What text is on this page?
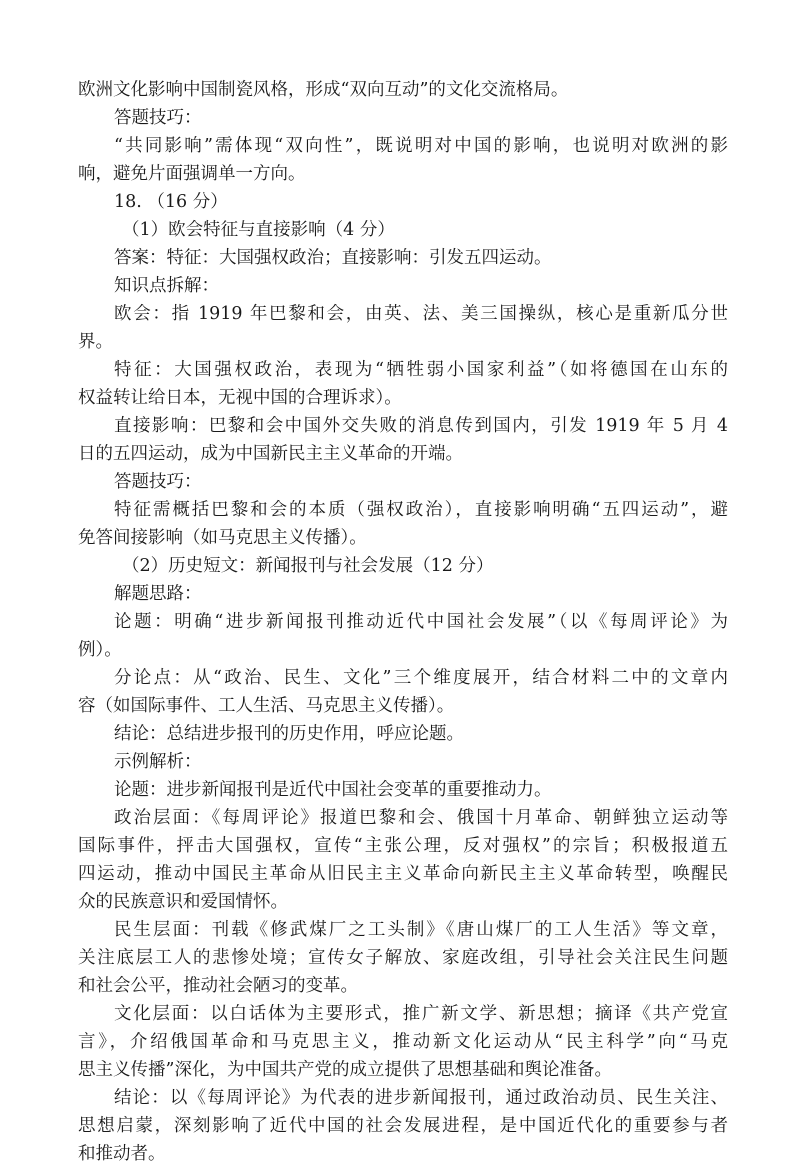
欧洲文化影响中国制瓷风格，形成“双向互动”的文化交流格局。
答题技巧：
“共同影响”需体现“双向性”，既说明对中国的影响，也说明对欧洲的影
响，避免片面强调单一方向。
18. （16 分）
（1）欧会特征与直接影响（4 分）
答案：特征：大国强权政治；直接影响：引发五四运动。
知识点拆解：
欧会：指 1919 年巴黎和会，由英、法、美三国操纵，核心是重新瓜分世
界。
特征：大国强权政治，表现为“牺牲弱小国家利益”（如将德国在山东的
权益转让给日本，无视中国的合理诉求）。
直接影响：巴黎和会中国外交失败的消息传到国内，引发 1919 年 5 月 4
日的五四运动，成为中国新民主主义革命的开端。
答题技巧：
特征需概括巴黎和会的本质（强权政治），直接影响明确“五四运动”，避
免答间接影响（如马克思主义传播）。
（2）历史短文：新闻报刊与社会发展（12 分）
解题思路：
论题：明确“进步新闻报刊推动近代中国社会发展”（以《每周评论》为
例）。
分论点：从“政治、民生、文化”三个维度展开，结合材料二中的文章内
容（如国际事件、工人生活、马克思主义传播）。
结论：总结进步报刊的历史作用，呼应论题。
示例解析：
论题：进步新闻报刊是近代中国社会变革的重要推动力。
政治层面：《每周评论》报道巴黎和会、俄国十月革命、朝鲜独立运动等
国际事件，抨击大国强权，宣传“主张公理，反对强权”的宗旨；积极报道五
四运动，推动中国民主革命从旧民主主义革命向新民主主义革命转型，唤醒民
众的民族意识和爱国情怀。
民生层面：刊载《修武煤厂之工头制》《唐山煤厂的工人生活》等文章，
关注底层工人的悲惨处境；宣传女子解放、家庭改组，引导社会关注民生问题
和社会公平，推动社会陋习的变革。
文化层面：以白话体为主要形式，推广新文学、新思想；摘译《共产党宣
言》，介绍俄国革命和马克思主义，推动新文化运动从“民主科学”向“马克
思主义传播”深化，为中国共产党的成立提供了思想基础和舆论准备。
结论：以《每周评论》为代表的进步新闻报刊，通过政治动员、民生关注、
思想启蒙，深刻影响了近代中国的社会发展进程，是中国近代化的重要参与者
和推动者。
